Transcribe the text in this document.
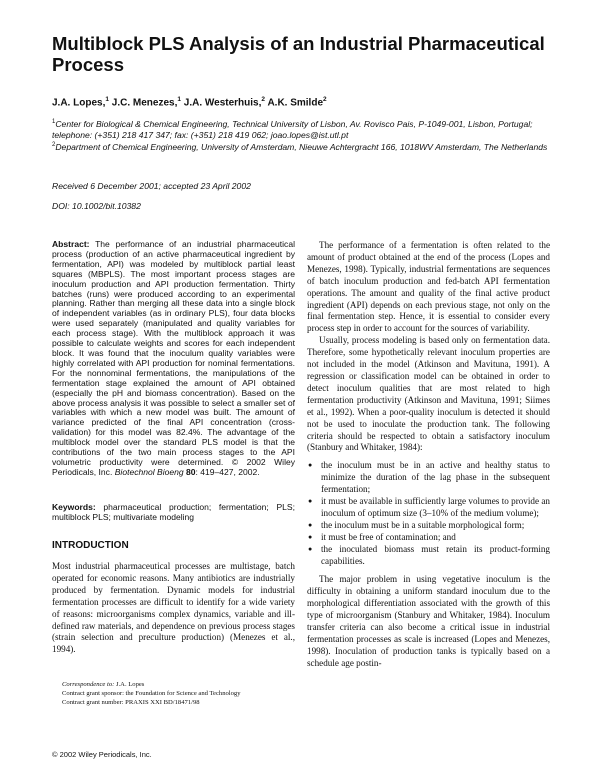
Multiblock PLS Analysis of an Industrial Pharmaceutical Process
J.A. Lopes,$^1$ J.C. Menezes,$^1$ J.A. Westerhuis,$^2$ A.K. Smilde$^2$
$^1$Center for Biological & Chemical Engineering, Technical University of Lisbon, Av. Rovisco Pais, P-1049-001, Lisbon, Portugal; telephone: (+351) 218 417 347; fax: (+351) 218 419 062; joao.lopes@ist.utl.pt
$^2$Department of Chemical Engineering, University of Amsterdam, Nieuwe Achtergracht 166, 1018WV Amsterdam, The Netherlands
Received 6 December 2001; accepted 23 April 2002
DOI: 10.1002/bit.10382
Abstract: The performance of an industrial pharmaceutical process (production of an active pharmaceutical ingredient by fermentation, API) was modeled by multiblock partial least squares (MBPLS). The most important process stages are inoculum production and API production fermentation. Thirty batches (runs) were produced according to an experimental planning. Rather than merging all these data into a single block of independent variables (as in ordinary PLS), four data blocks were used separately (manipulated and quality variables for each process stage). With the multiblock approach it was possible to calculate weights and scores for each independent block. It was found that the inoculum quality variables were highly correlated with API production for nominal fermentations. For the nonnominal fermentations, the manipulations of the fermentation stage explained the amount of API obtained (especially the pH and biomass concentration). Based on the above process analysis it was possible to select a smaller set of variables with which a new model was built. The amount of variance predicted of the final API concentration (cross-validation) for this model was 82.4%. The advantage of the multiblock model over the standard PLS model is that the contributions of the two main process stages to the API volumetric productivity were determined. © 2002 Wiley Periodicals, Inc. Biotechnol Bioeng 80: 419–427, 2002.
Keywords: pharmaceutical production; fermentation; PLS; multiblock PLS; multivariate modeling
INTRODUCTION
Most industrial pharmaceutical processes are multistage, batch operated for economic reasons. Many antibiotics are industrially produced by fermentation. Dynamic models for industrial fermentation processes are difficult to identify for a wide variety of reasons: microorganisms complex dynamics, variable and ill-defined raw materials, and dependence on previous process stages (strain selection and preculture production) (Menezes et al., 1994).
Correspondence to: J.A. Lopes
Contract grant sponsor: the Foundation for Science and Technology
Contract grant number: PRAXIS XXI BD/18471/98
© 2002 Wiley Periodicals, Inc.

The performance of a fermentation is often related to the amount of product obtained at the end of the process (Lopes and Menezes, 1998). Typically, industrial fermentations are sequences of batch inoculum production and fed-batch API fermentation operations. The amount and quality of the final active product ingredient (API) depends on each previous stage, not only on the final fermentation step. Hence, it is essential to consider every process step in order to account for the sources of variability.

Usually, process modeling is based only on fermentation data. Therefore, some hypothetically relevant inoculum properties are not included in the model (Atkinson and Mavituna, 1991). A regression or classification model can be obtained in order to detect inoculum qualities that are most related to high fermentation productivity (Atkinson and Mavituna, 1991; Siimes et al., 1992). When a poor-quality inoculum is detected it should not be used to inoculate the production tank. The following criteria should be respected to obtain a satisfactory inoculum (Stanbury and Whitaker, 1984):

● the inoculum must be in an active and healthy status to minimize the duration of the lag phase in the subsequent fermentation;
● it must be available in sufficiently large volumes to provide an inoculum of optimum size (3–10% of the medium volume);
● the inoculum must be in a suitable morphological form;
● it must be free of contamination; and
● the inoculated biomass must retain its product-forming capabilities.

The major problem in using vegetative inoculum is the difficulty in obtaining a uniform standard inoculum due to the morphological differentiation associated with the growth of this type of microorganism (Stanbury and Whitaker, 1984). Inoculum transfer criteria can also become a critical issue in industrial fermentation processes as scale is increased (Lopes and Menezes, 1998). Inoculation of production tanks is typically based on a schedule age postin-
